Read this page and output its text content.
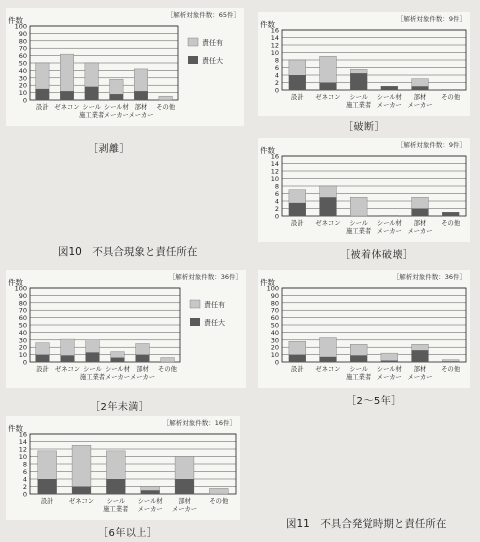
［解析対象件数：65件］
件数
0
10
20
30
40
50
60
70
80
90
100
設計 ゼネコン シール
施工業者
シール材
メーカー
部材
メーカー
その他
責任有
責任大
［解析対象件数：9件］
件数
0
2
4
6
8
10
12
14
16
設計 ゼネコン シール
施工業者
シール材
メーカー
部材
メーカー
その他
［解析対象件数：9件］
件数
0
2
4
6
8
10
12
14
16
設計 ゼネコン シール
施工業者
シール材
メーカー
部材
メーカー
その他
［解析対象件数：36件］
件数
0
10
20
30
40
50
60
70
80
90
100
設計 ゼネコン シール
施工業者
シール材
メーカー
部材
メーカー
その他
責任有
責任大
［解析対象件数：36件］
件数
0
10
20
30
40
50
60
70
80
90
100
設計 ゼネコン シール
施工業者
シール材
メーカー
部材
メーカー
その他
［解析対象件数：16件］
件数
0
2
4
6
8
10
12
14
16
設計 ゼネコン シール
施工業者
シール材
メーカー
部材
メーカー
その他
［剥離］
［破断］
［被着体破壊］
［2年未満］
［2～5年］
［6年以上］
図10　不具合現象と責任所在
図11　不具合発覚時期と責任所在
